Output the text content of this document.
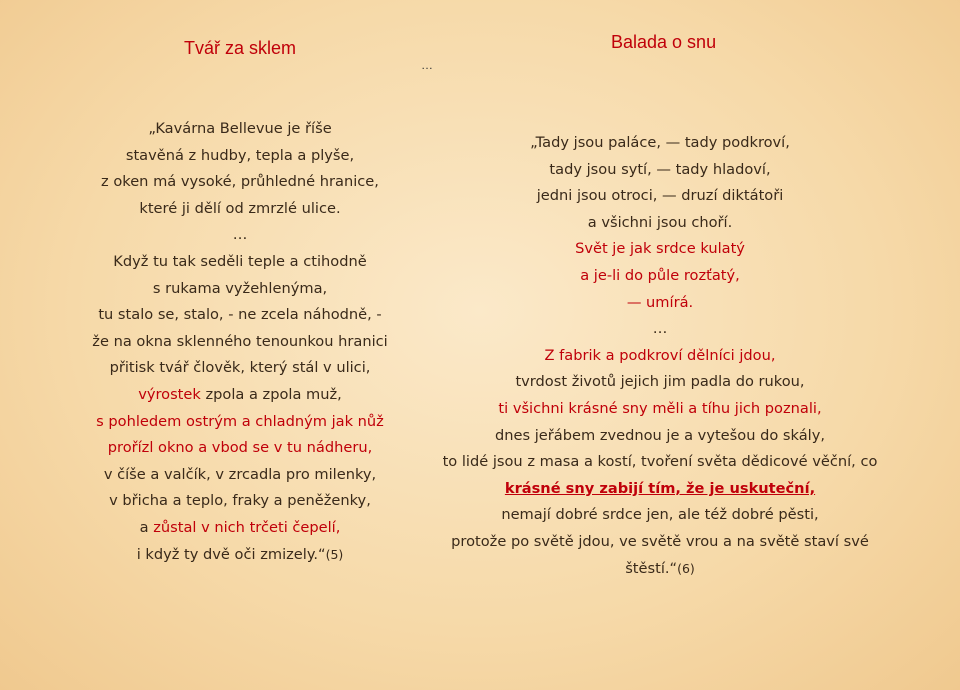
Tvář za sklem
…
Balada o snu
„Kavárna Bellevue je říše
stavěná z hudby, tepla a plyše,
z oken má vysoké, průhledné hranice,
které ji dělí od zmrzlé ulice.
…
Když tu tak seděli teple a ctihodně
s rukama vyžehlenýma,
tu stalo se, stalo, - ne zcela náhodně, -
že na okna sklenného tenounkou hranici
přitisk tvář člověk, který stál v ulici,
výrostek zpola a zpola muž,
s pohledem ostrým a chladným jak nůž
prořízl okno a vbod se v tu nádheru,
v číše a valčík, v zrcadla pro milenky,
v břicha a teplo, fraky a peněženky,
a zůstal v nich trčeti čepelí,
i když ty dvě oči zmizely.“(5)
„Tady jsou paláce, — tady podkroví,
tady jsou sytí, — tady hladoví,
jedni jsou otroci, — druzí diktátoři
a všichni jsou choří.
Svět je jak srdce kulatý
a je-li do půle rozťatý,
— umírá.
…
Z fabrik a podkroví dělníci jdou,
tvrdost životů jejich jim padla do rukou,
ti všichni krásné sny měli a tíhu jich poznali,
dnes jeřábem zvednou je a vytešou do skály,
to lidé jsou z masa a kostí, tvoření světa dědicové věční, co
krásné sny zabijí tím, že je uskuteční,
nemají dobré srdce jen, ale též dobré pěsti,
protože po světě jdou, ve světě vrou a na světě staví své
štěstí.“(6)
